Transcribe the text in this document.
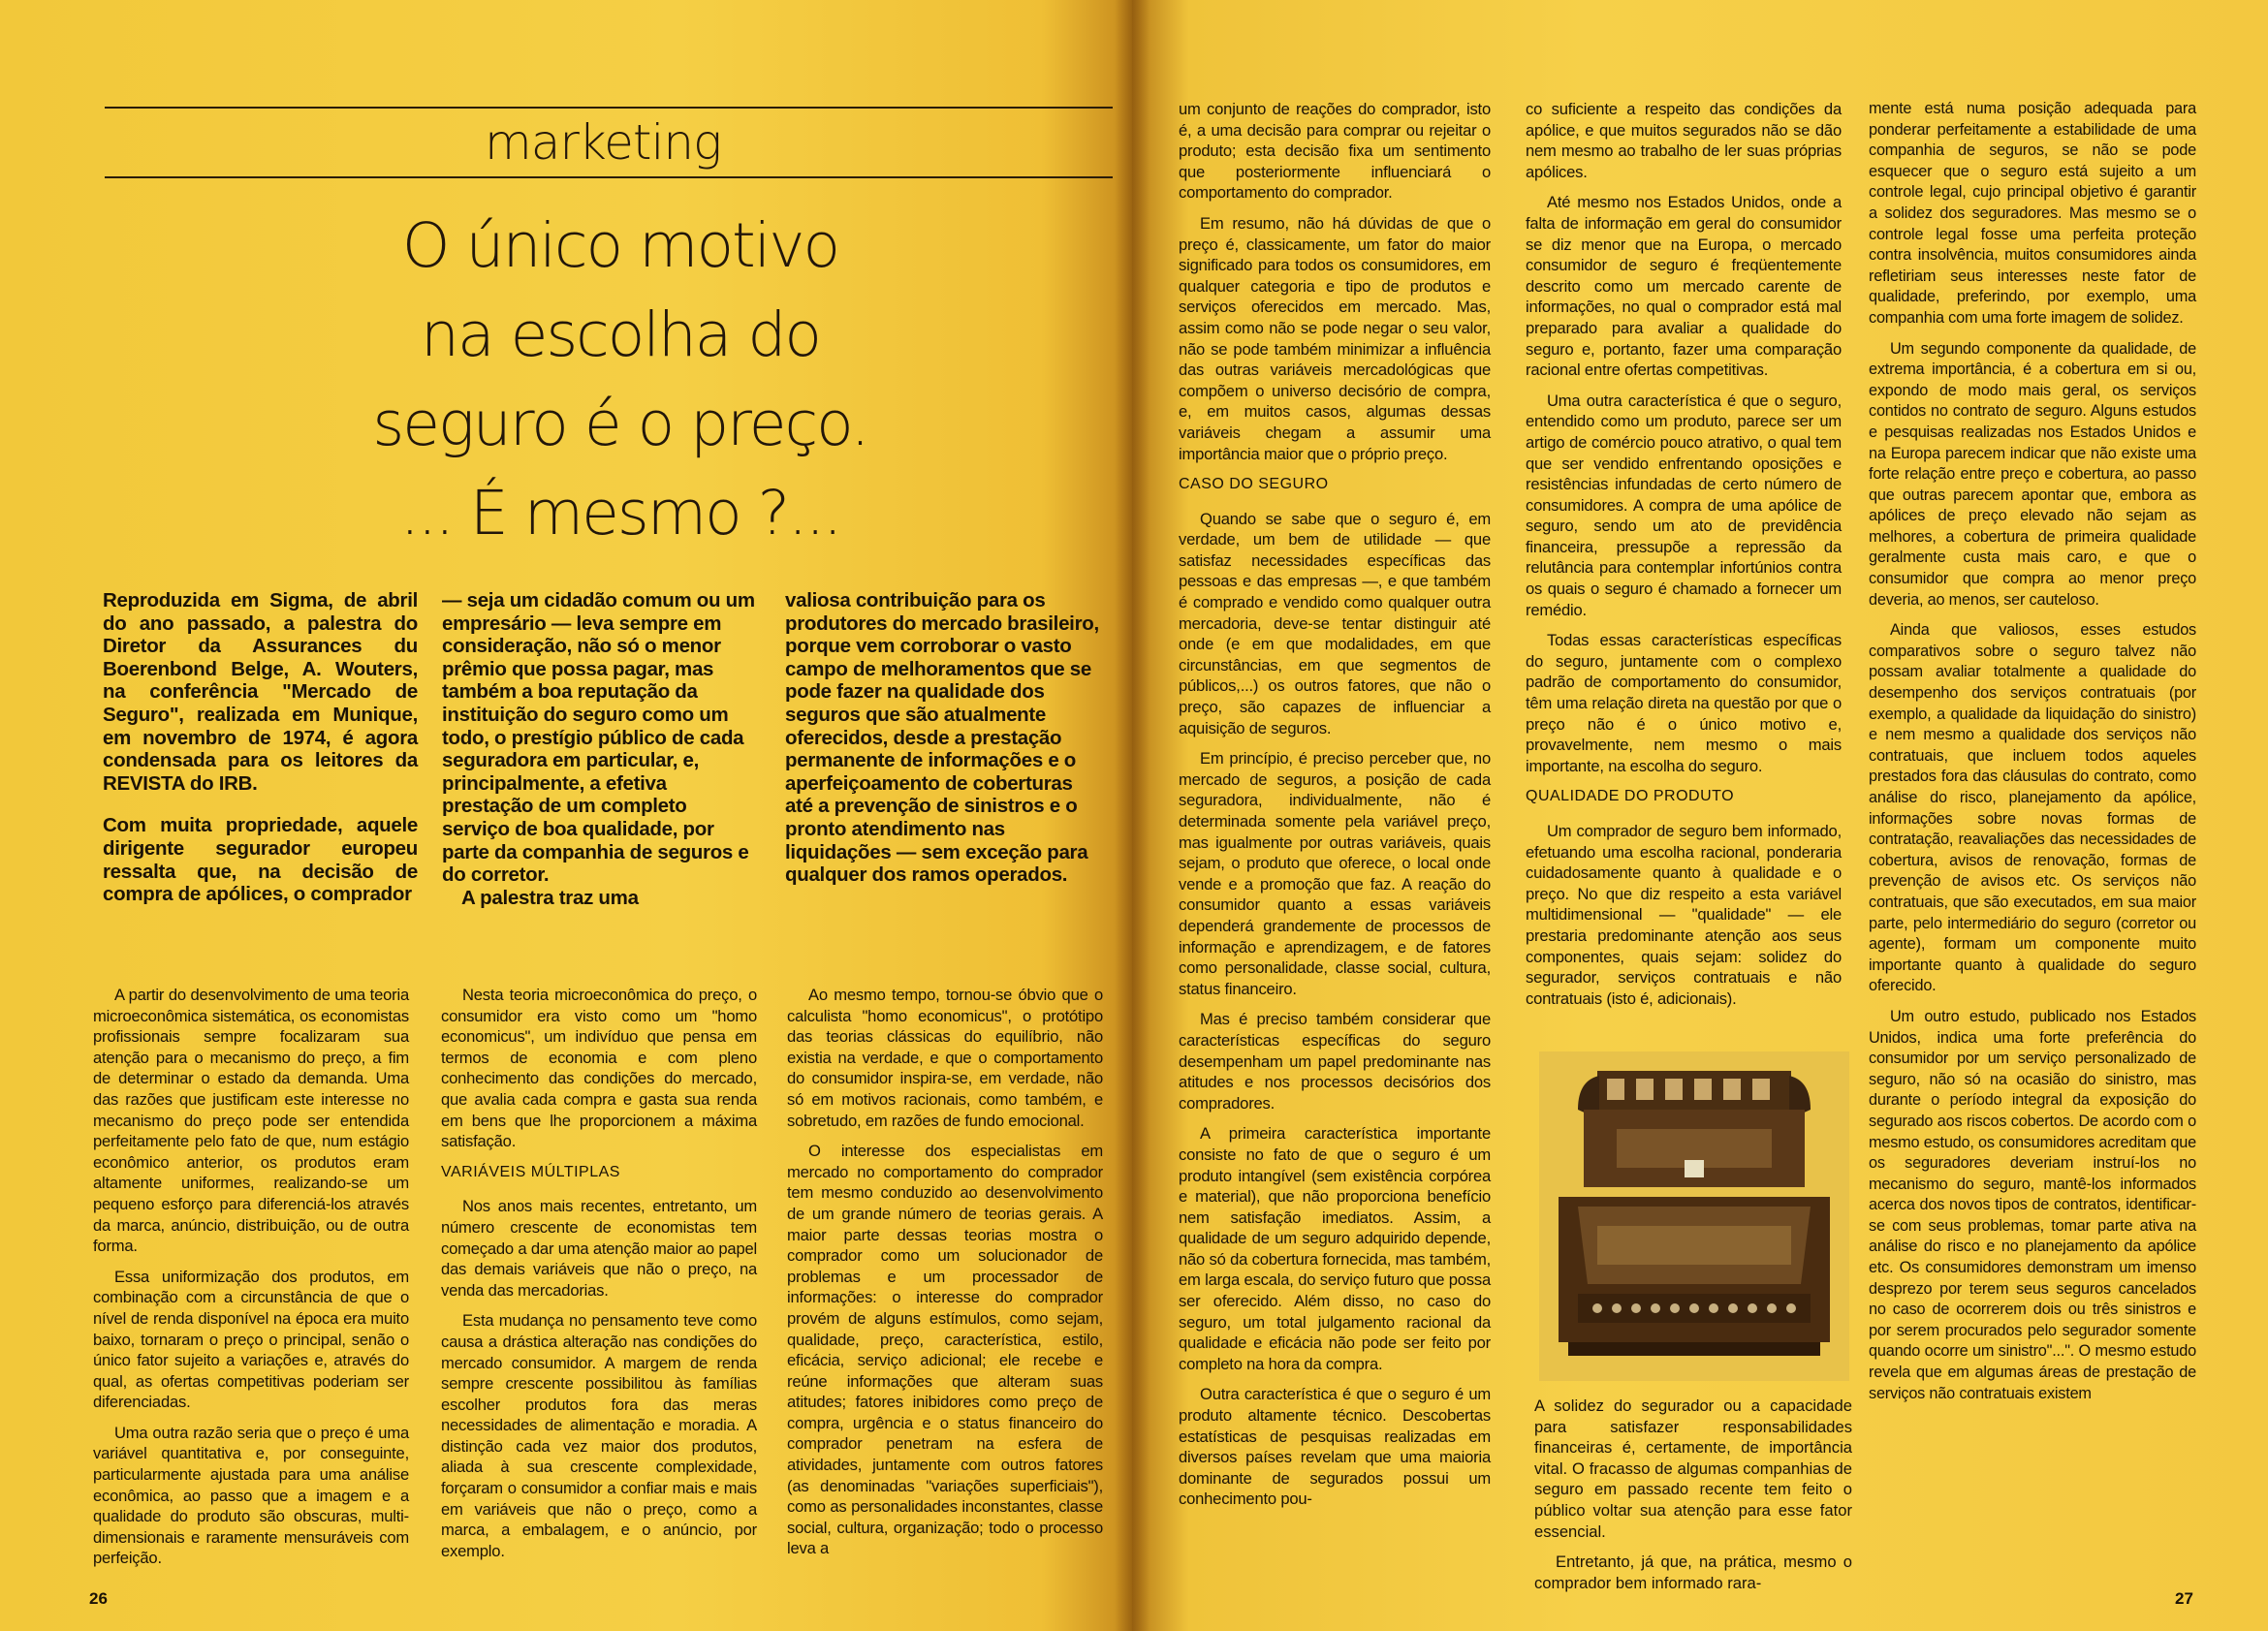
marketing
O único motivo
na escolha do
seguro é o preço.
... É mesmo ?...

Reproduzida em Sigma, de abril do ano passado, a palestra do Diretor da Assurances du Boerenbond Belge, A. Wouters, na conferência "Mercado de Seguro", realizada em Munique, em novembro de 1974, é agora condensada para os leitores da REVISTA do IRB.

Com muita propriedade, aquele dirigente segurador europeu ressalta que, na decisão de compra de apólices, o comprador

— seja um cidadão comum ou um empresário — leva sempre em consideração, não só o menor prêmio que possa pagar, mas também a boa reputação da instituição do seguro como um todo, o prestígio público de cada seguradora em particular, e, principalmente, a efetiva prestação de um completo serviço de boa qualidade, por parte da companhia de seguros e do corretor.

A palestra traz uma

valiosa contribuição para os produtores do mercado brasileiro, porque vem corroborar o vasto campo de melhoramentos que se pode fazer na qualidade dos seguros que são atualmente oferecidos, desde a prestação permanente de informações e o aperfeiçoamento de coberturas até a prevenção de sinistros e o pronto atendimento nas liquidações — sem exceção para qualquer dos ramos operados.

A partir do desenvolvimento de uma teoria microeconômica sistemática, os economistas profissionais sempre focalizaram sua atenção para o mecanismo do preço, a fim de determinar o estado da demanda. Uma das razões que justificam este interesse no mecanismo do preço pode ser entendida perfeitamente pelo fato de que, num estágio econômico anterior, os produtos eram altamente uniformes, realizando-se um pequeno esforço para diferenciá-los através da marca, anúncio, distribuição, ou de outra forma.

Essa uniformização dos produtos, em combinação com a circunstância de que o nível de renda disponível na época era muito baixo, tornaram o preço o principal, senão o único fator sujeito a variações e, através do qual, as ofertas competitivas poderiam ser diferenciadas.

Uma outra razão seria que o preço é uma variável quantitativa e, por conseguinte, particularmente ajustada para uma análise econômica, ao passo que a imagem e a qualidade do produto são obscuras, multi-dimensionais e raramente mensuráveis com perfeição.

Nesta teoria microeconômica do preço, o consumidor era visto como um "homo economicus", um indivíduo que pensa em termos de economia e com pleno conhecimento das condições do mercado, que avalia cada compra e gasta sua renda em bens que lhe proporcionem a máxima satisfação.

VARIÁVEIS MÚLTIPLAS

Nos anos mais recentes, entretanto, um número crescente de economistas tem começado a dar uma atenção maior ao papel das demais variáveis que não o preço, na venda das mercadorias.

Esta mudança no pensamento teve como causa a drástica alteração nas condições do mercado consumidor. A margem de renda sempre crescente possibilitou às famílias escolher produtos fora das meras necessidades de alimentação e moradia. A distinção cada vez maior dos produtos, aliada à sua crescente complexidade, forçaram o consumidor a confiar mais e mais em variáveis que não o preço, como a marca, a embalagem, e o anúncio, por exemplo.

Ao mesmo tempo, tornou-se óbvio que o calculista "homo economicus", o protótipo das teorias clássicas do equilíbrio, não existia na verdade, e que o comportamento do consumidor inspira-se, em verdade, não só em motivos racionais, como também, e sobretudo, em razões de fundo emocional.

O interesse dos especialistas em mercado no comportamento do comprador tem mesmo conduzido ao desenvolvimento de um grande número de teorias gerais. A maior parte dessas teorias mostra o comprador como um solucionador de problemas e um processador de informações: o interesse do comprador provém de alguns estímulos, como sejam, qualidade, preço, característica, estilo, eficácia, serviço adicional; ele recebe e reúne informações que alteram suas atitudes; fatores inibidores como preço de compra, urgência e o status financeiro do comprador penetram na esfera de atividades, juntamente com outros fatores (as denominadas "variações superficiais"), como as personalidades inconstantes, classe social, cultura, organização; todo o processo leva a

26

um conjunto de reações do comprador, isto é, a uma decisão para comprar ou rejeitar o produto; esta decisão fixa um sentimento que posteriormente influenciará o comportamento do comprador.

Em resumo, não há dúvidas de que o preço é, classicamente, um fator do maior significado para todos os consumidores, em qualquer categoria e tipo de produtos e serviços oferecidos em mercado. Mas, assim como não se pode negar o seu valor, não se pode também minimizar a influência das outras variáveis mercadológicas que compõem o universo decisório de compra, e, em muitos casos, algumas dessas variáveis chegam a assumir uma importância maior que o próprio preço.

CASO DO SEGURO

Quando se sabe que o seguro é, em verdade, um bem de utilidade — que satisfaz necessidades específicas das pessoas e das empresas —, e que também é comprado e vendido como qualquer outra mercadoria, deve-se tentar distinguir até onde (e em que modalidades, em que circunstâncias, em que segmentos de públicos,...) os outros fatores, que não o preço, são capazes de influenciar a aquisição de seguros.

Em princípio, é preciso perceber que, no mercado de seguros, a posição de cada seguradora, individualmente, não é determinada somente pela variável preço, mas igualmente por outras variáveis, quais sejam, o produto que oferece, o local onde vende e a promoção que faz. A reação do consumidor quanto a essas variáveis dependerá grandemente de processos de informação e aprendizagem, e de fatores como personalidade, classe social, cultura, status financeiro.

Mas é preciso também considerar que características específicas do seguro desempenham um papel predominante nas atitudes e nos processos decisórios dos compradores.

A primeira característica importante consiste no fato de que o seguro é um produto intangível (sem existência corpórea e material), que não proporciona benefício nem satisfação imediatos. Assim, a qualidade de um seguro adquirido depende, não só da cobertura fornecida, mas também, em larga escala, do serviço futuro que possa ser oferecido. Além disso, no caso do seguro, um total julgamento racional da qualidade e eficácia não pode ser feito por completo na hora da compra.

Outra característica é que o seguro é um produto altamente técnico. Descobertas estatísticas de pesquisas realizadas em diversos países revelam que uma maioria dominante de segurados possui um conhecimento pou-

co suficiente a respeito das condições da apólice, e que muitos segurados não se dão nem mesmo ao trabalho de ler suas próprias apólices.

Até mesmo nos Estados Unidos, onde a falta de informação em geral do consumidor se diz menor que na Europa, o mercado consumidor de seguro é freqüentemente descrito como um mercado carente de informações, no qual o comprador está mal preparado para avaliar a qualidade do seguro e, portanto, fazer uma comparação racional entre ofertas competitivas.

Uma outra característica é que o seguro, entendido como um produto, parece ser um artigo de comércio pouco atrativo, o qual tem que ser vendido enfrentando oposições e resistências infundadas de certo número de consumidores. A compra de uma apólice de seguro, sendo um ato de previdência financeira, pressupõe a repressão da relutância para contemplar infortúnios contra os quais o seguro é chamado a fornecer um remédio.

Todas essas características específicas do seguro, juntamente com o complexo padrão de comportamento do consumidor, têm uma relação direta na questão por que o preço não é o único motivo e, provavelmente, nem mesmo o mais importante, na escolha do seguro.

QUALIDADE DO PRODUTO

Um comprador de seguro bem informado, efetuando uma escolha racional, ponderaria cuidadosamente quanto à qualidade e o preço. No que diz respeito a esta variável multidimensional — "qualidade" — ele prestaria predominante atenção aos seus componentes, quais sejam: solidez do segurador, serviços contratuais e não contratuais (isto é, adicionais).

27

A solidez do segurador ou a capacidade para satisfazer responsabilidades financeiras é, certamente, de importância vital. O fracasso de algumas companhias de seguro em passado recente tem feito o público voltar sua atenção para esse fator essencial.

Entretanto, já que, na prática, mesmo o comprador bem informado rara-

mente está numa posição adequada para ponderar perfeitamente a estabilidade de uma companhia de seguros, se não se pode esquecer que o seguro está sujeito a um controle legal, cujo principal objetivo é garantir a solidez dos seguradores. Mas mesmo se o controle legal fosse uma perfeita proteção contra insolvência, muitos consumidores ainda refletiriam seus interesses neste fator de qualidade, preferindo, por exemplo, uma companhia com uma forte imagem de solidez.

Um segundo componente da qualidade, de extrema importância, é a cobertura em si ou, expondo de modo mais geral, os serviços contidos no contrato de seguro. Alguns estudos e pesquisas realizadas nos Estados Unidos e na Europa parecem indicar que não existe uma forte relação entre preço e cobertura, ao passo que outras parecem apontar que, embora as apólices de preço elevado não sejam as melhores, a cobertura de primeira qualidade geralmente custa mais caro, e que o consumidor que compra ao menor preço deveria, ao menos, ser cauteloso.

Ainda que valiosos, esses estudos comparativos sobre o seguro talvez não possam avaliar totalmente a qualidade do desempenho dos serviços contratuais (por exemplo, a qualidade da liquidação do sinistro) e nem mesmo a qualidade dos serviços não contratuais, que incluem todos aqueles prestados fora das cláusulas do contrato, como análise do risco, planejamento da apólice, informações sobre novas formas de contratação, reavaliações das necessidades de cobertura, avisos de renovação, formas de prevenção de avisos etc. Os serviços não contratuais, que são executados, em sua maior parte, pelo intermediário do seguro (corretor ou agente), formam um componente muito importante quanto à qualidade do seguro oferecido.

Um outro estudo, publicado nos Estados Unidos, indica uma forte preferência do consumidor por um serviço personalizado de seguro, não só na ocasião do sinistro, mas durante o período integral da exposição do segurado aos riscos cobertos. De acordo com o mesmo estudo, os consumidores acreditam que os seguradores deveriam instruí-los no mecanismo do seguro, mantê-los informados acerca dos novos tipos de contratos, identificar-se com seus problemas, tomar parte ativa na análise do risco e no planejamento da apólice etc. Os consumidores demonstram um imenso desprezo por terem seus seguros cancelados no caso de ocorrerem dois ou três sinistros e por serem procurados pelo segurador somente quando ocorre um sinistro"...". O mesmo estudo revela que em algumas áreas de prestação de serviços não contratuais existem
